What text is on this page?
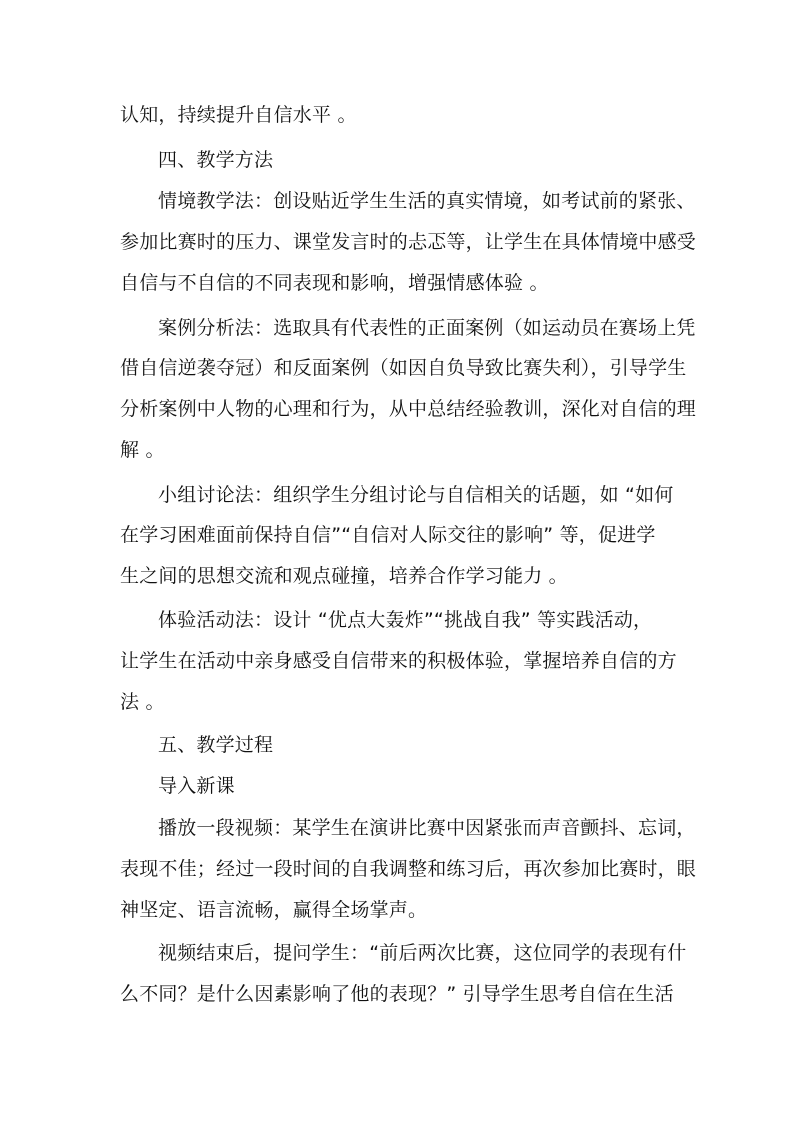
认知，持续提升自信水平 。
四、教学方法
情境教学法：创设贴近学生生活的真实情境，如考试前的紧张、
参加比赛时的压力、课堂发言时的忐忑等，让学生在具体情境中感受
自信与不自信的不同表现和影响，增强情感体验 。
案例分析法：选取具有代表性的正面案例（如运动员在赛场上凭
借自信逆袭夺冠）和反面案例（如因自负导致比赛失利），引导学生
分析案例中人物的心理和行为，从中总结经验教训，深化对自信的理
解 。
小组讨论法：组织学生分组讨论与自信相关的话题，如 “如何
在学习困难面前保持自信”“自信对人际交往的影响” 等，促进学
生之间的思想交流和观点碰撞，培养合作学习能力 。
体验活动法：设计 “优点大轰炸”“挑战自我” 等实践活动，
让学生在活动中亲身感受自信带来的积极体验，掌握培养自信的方
法 。
五、教学过程
导入新课
播放一段视频：某学生在演讲比赛中因紧张而声音颤抖、忘词，
表现不佳；经过一段时间的自我调整和练习后，再次参加比赛时，眼
神坚定、语言流畅，赢得全场掌声。
视频结束后，提问学生：“前后两次比赛，这位同学的表现有什
么不同？是什么因素影响了他的表现？” 引导学生思考自信在生活
